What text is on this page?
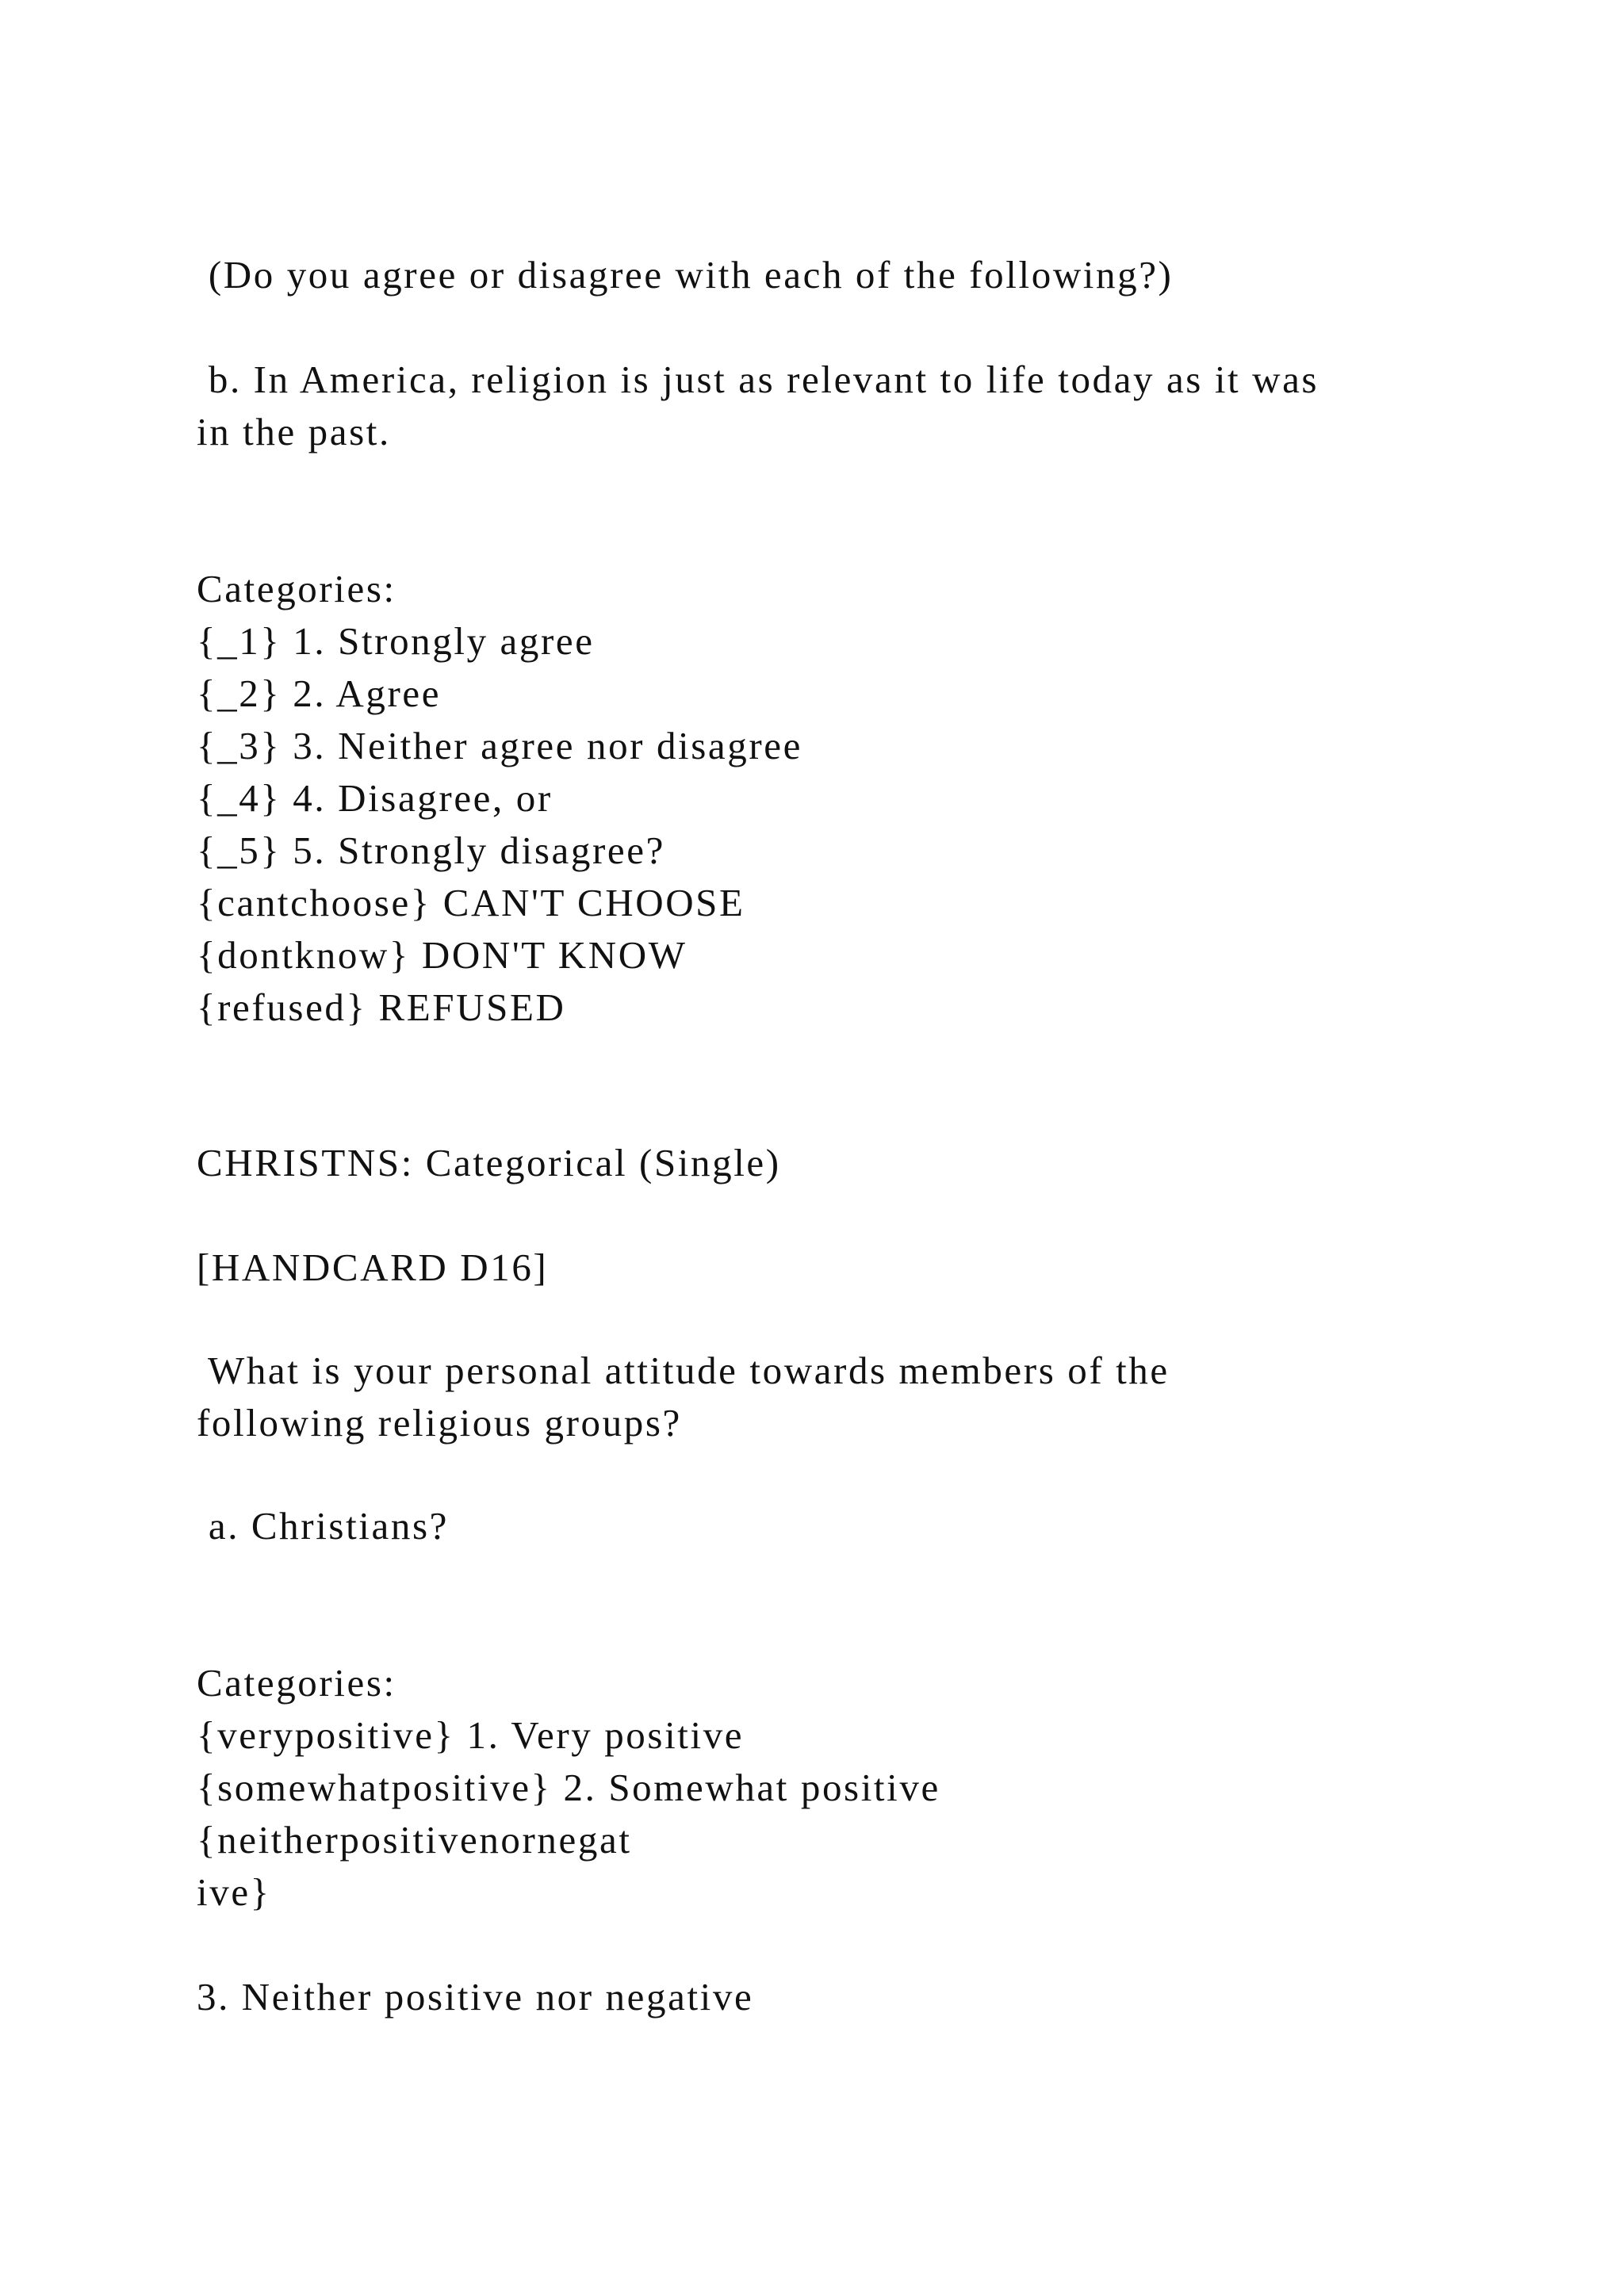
(Do you agree or disagree with each of the following?)

b. In America, religion is just as relevant to life today as it was

in the past.

Categories:

{_1} 1. Strongly agree

{_2} 2. Agree

{_3} 3. Neither agree nor disagree

{_4} 4. Disagree, or

{_5} 5. Strongly disagree?

{cantchoose} CAN'T CHOOSE

{dontknow} DON'T KNOW

{refused} REFUSED

CHRISTNS: Categorical (Single)

[HANDCARD D16]

What is your personal attitude towards members of the

following religious groups?

a. Christians?

Categories:

{verypositive} 1. Very positive

{somewhatpositive} 2. Somewhat positive

{neitherpositivenornegat

ive}

3. Neither positive nor negative
